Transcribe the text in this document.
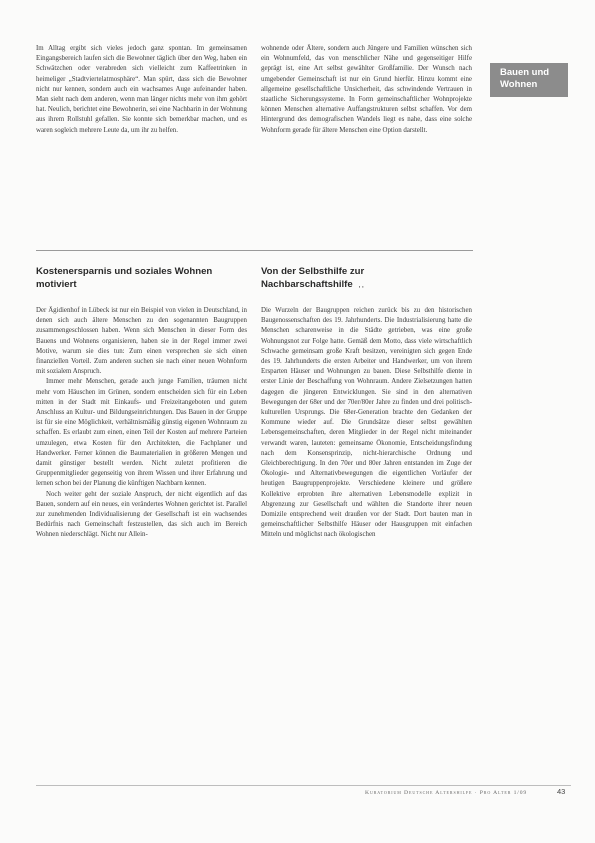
Bauen und
Wohnen

Im Alltag ergibt sich vieles jedoch ganz spontan. Im gemeinsamen Eingangsbereich laufen sich die Bewohner täglich über den Weg, haben ein Schwätzchen oder verabreden sich vielleicht zum Kaffeetrinken in heimeliger „Stadtviertelatmosphäre“. Man spürt, dass sich die Bewohner nicht nur kennen, sondern auch ein wachsames Auge aufeinander haben. Man sieht nach dem anderen, wenn man länger nichts mehr von ihm gehört hat. Neulich, berichtet eine Bewohnerin, sei eine Nachbarin in der Wohnung aus ihrem Rollstuhl gefallen. Sie konnte sich bemerkbar machen, und es waren sogleich mehrere Leute da, um ihr zu helfen.

wohnende oder Ältere, sondern auch Jüngere und Familien wünschen sich ein Wohnumfeld, das von menschlicher Nähe und gegenseitiger Hilfe geprägt ist, eine Art selbst gewählter Großfamilie. Der Wunsch nach umgebender Gemeinschaft ist nur ein Grund hierfür. Hinzu kommt eine allgemeine gesellschaftliche Unsicherheit, das schwindende Vertrauen in staatliche Sicherungssysteme. In Form gemeinschaftlicher Wohnprojekte können Menschen alternative Auffangstrukturen selbst schaffen. Vor dem Hintergrund des demografischen Wandels liegt es nahe, dass eine solche Wohnform gerade für ältere Menschen eine Option darstellt.

Kostenersparnis und soziales Wohnen
motiviert
Von der Selbsthilfe zur
Nachbarschaftshilfe ‚ ‚

Der Ägidienhof in Lübeck ist nur ein Beispiel von vielen in Deutschland, in denen sich auch ältere Menschen zu den sogenannten Baugruppen zusammengeschlossen haben. Wenn sich Menschen in dieser Form des Bauens und Wohnens organisieren, haben sie in der Regel immer zwei Motive, warum sie dies tun: Zum einen versprechen sie sich einen finanziellen Vorteil. Zum anderen suchen sie nach einer neuen Wohnform mit sozialem Anspruch.

Immer mehr Menschen, gerade auch junge Familien, träumen nicht mehr vom Häuschen im Grünen, sondern entscheiden sich für ein Leben mitten in der Stadt mit Einkaufs- und Freizeitangeboten und gutem Anschluss an Kultur- und Bildungseinrichtungen. Das Bauen in der Gruppe ist für sie eine Möglichkeit, verhältnismäßig günstig eigenen Wohnraum zu schaffen. Es erlaubt zum einen, einen Teil der Kosten auf mehrere Parteien umzulegen, etwa Kosten für den Architekten, die Fachplaner und Handwerker. Ferner können die Baumaterialien in größeren Mengen und damit günstiger bestellt werden. Nicht zuletzt profitieren die Gruppenmitglieder gegenseitig von ihrem Wissen und ihrer Erfahrung und lernen schon bei der Planung die künftigen Nachbarn kennen.

Noch weiter geht der soziale Anspruch, der nicht eigentlich auf das Bauen, sondern auf ein neues, ein verändertes Wohnen gerichtet ist. Parallel zur zunehmenden Individualisierung der Gesellschaft ist ein wachsendes Bedürfnis nach Gemeinschaft festzustellen, das sich auch im Bereich Wohnen niederschlägt. Nicht nur Allein-

Die Wurzeln der Baugruppen reichen zurück bis zu den historischen Baugenossenschaften des 19. Jahrhunderts. Die Industrialisierung hatte die Menschen scharenweise in die Städte getrieben, was eine große Wohnungsnot zur Folge hatte. Gemäß dem Motto, dass viele wirtschaftlich Schwache gemeinsam große Kraft besitzen, vereinigten sich gegen Ende des 19. Jahrhunderts die ersten Arbeiter und Handwerker, um von ihrem Ersparten Häuser und Wohnungen zu bauen. Diese Selbsthilfe diente in erster Linie der Beschaffung von Wohnraum. Andere Zielsetzungen hatten dagegen die jüngeren Entwicklungen. Sie sind in den alternativen Bewegungen der 68er und der 70er/80er Jahre zu finden und drei politisch-kulturellen Ursprungs. Die 68er-Generation brachte den Gedanken der Kommune wieder auf. Die Grundsätze dieser selbst gewählten Lebensgemeinschaften, deren Mitglieder in der Regel nicht miteinander verwandt waren, lauteten: gemeinsame Ökonomie, Entscheidungsfindung nach dem Konsensprinzip, nicht-hierarchische Ordnung und Gleichberechtigung. In den 70er und 80er Jahren entstanden im Zuge der Ökologie- und Alternativbewegungen die eigentlichen Vorläufer der heutigen Baugruppenprojekte. Verschiedene kleinere und größere Kollektive erprobten ihre alternativen Lebensmodelle explizit in Abgrenzung zur Gesellschaft und wählten die Standorte ihrer neuen Domizile entsprechend weit draußen vor der Stadt. Dort bauten man in gemeinschaftlicher Selbsthilfe Häuser oder Hausgruppen mit einfachen Mitteln und möglichst nach ökologischen

Kuratorium Deutsche Altershilfe · Pro Alter 1/09	43
